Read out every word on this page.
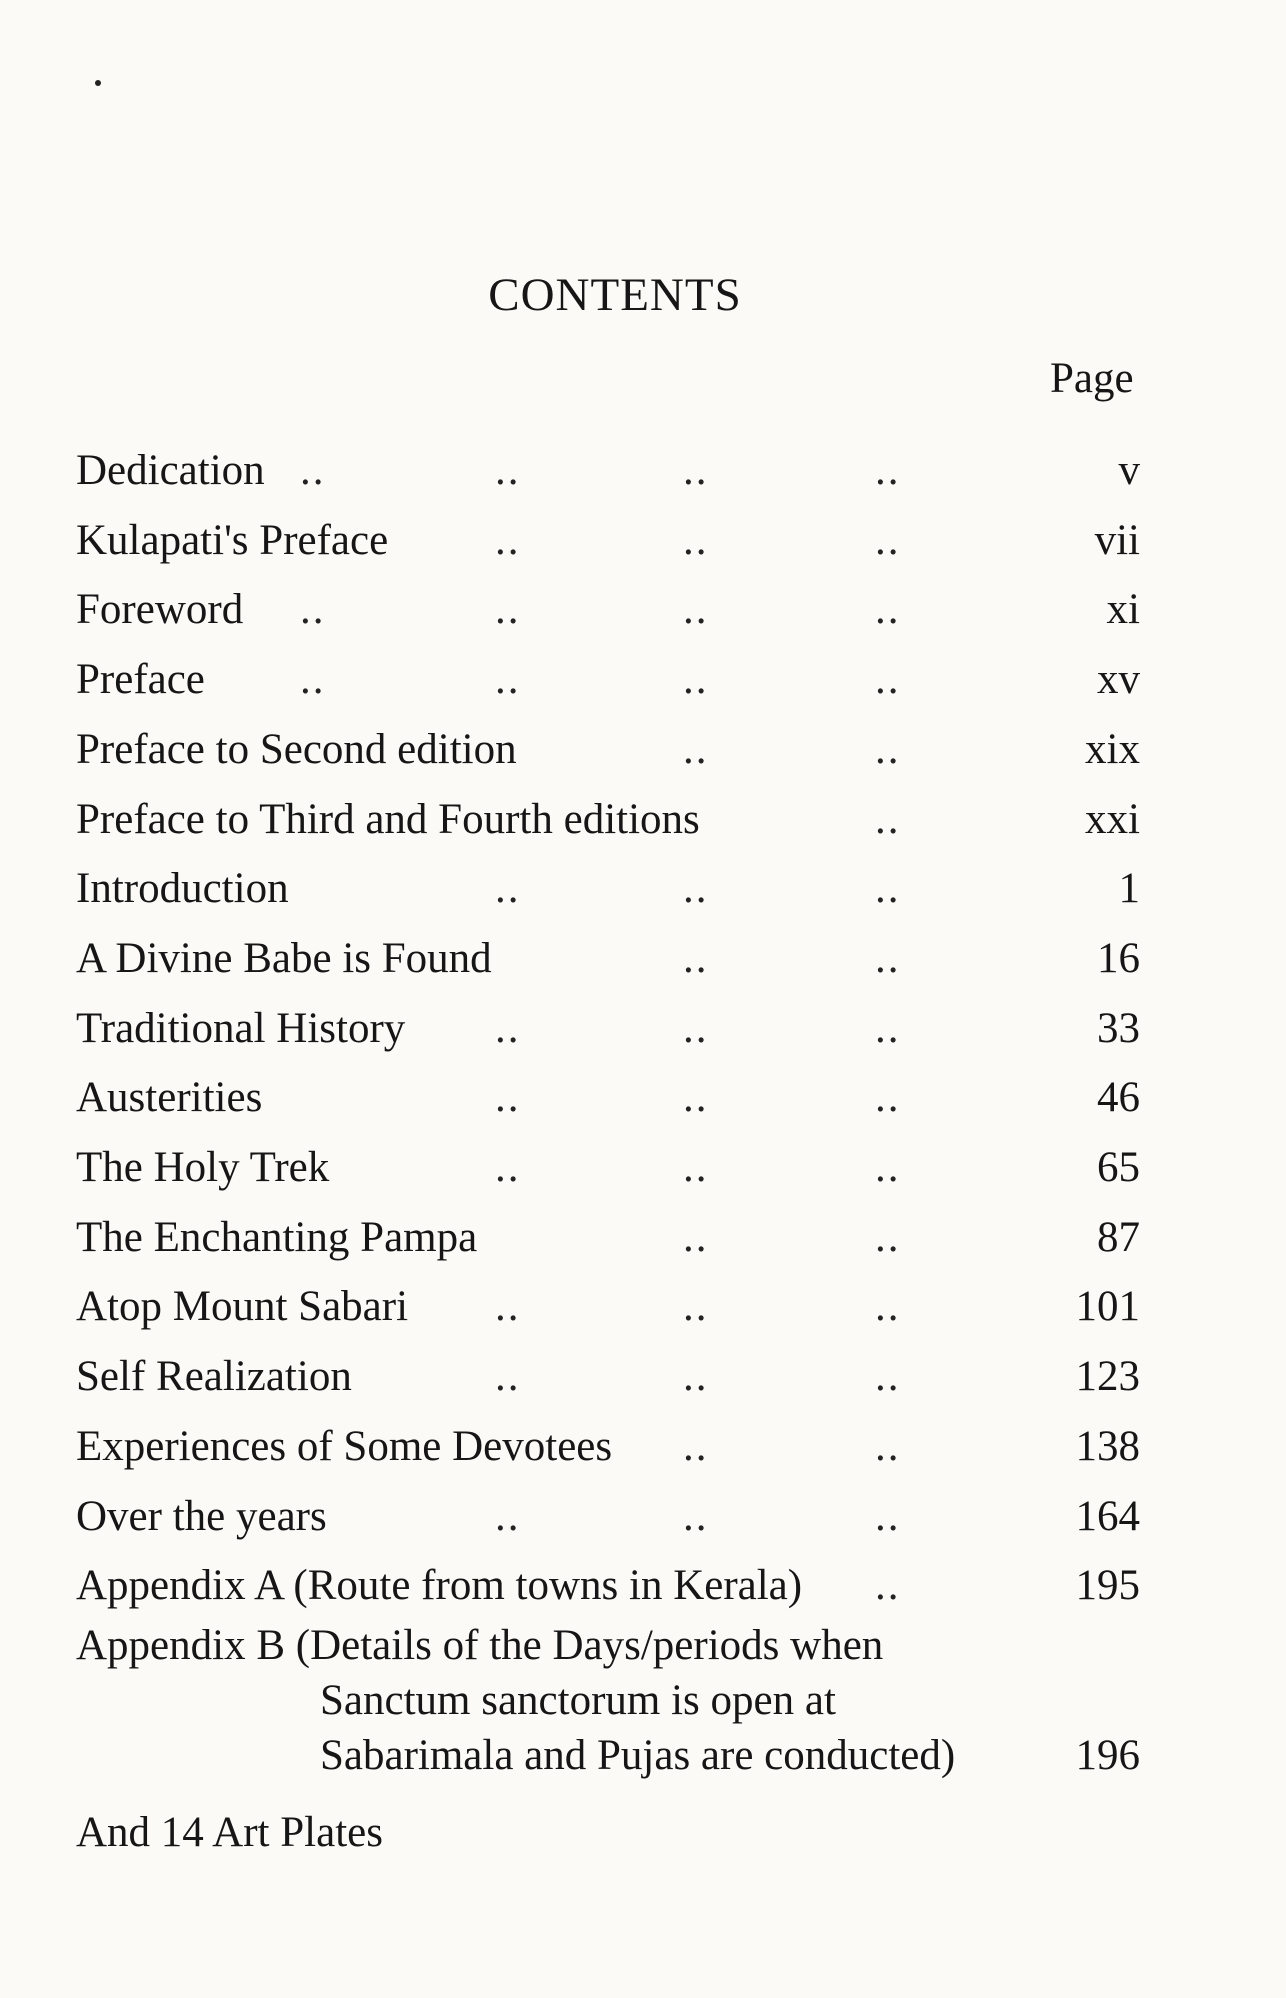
CONTENTS
Page
Dedication ..	..	..	..	v
Kulapati's Preface ..	..	..	vii
Foreword ..	..	..	..	xi
Preface ..	..	..	..	xv
Preface to Second edition	..	..	xix
Preface to Third and Fourth editions	..	xxi
Introduction	..	..	..	1
A Divine Babe is Found	..	..	16
Traditional History ..	..	..	33
Austerities	..	..	..	46
The Holy Trek	..	..	..	65
The Enchanting Pampa	..	..	87
Atop Mount Sabari ..	..	..	101
Self Realization	..	..	..	123
Experiences of Some Devotees ..	..	138
Over the years	..	..	..	164
Appendix A (Route from towns in Kerala) ..	195
Appendix B (Details of the Days/periods when
Sanctum sanctorum is open at
Sabarimala and Pujas are conducted)	196
And 14 Art Plates
